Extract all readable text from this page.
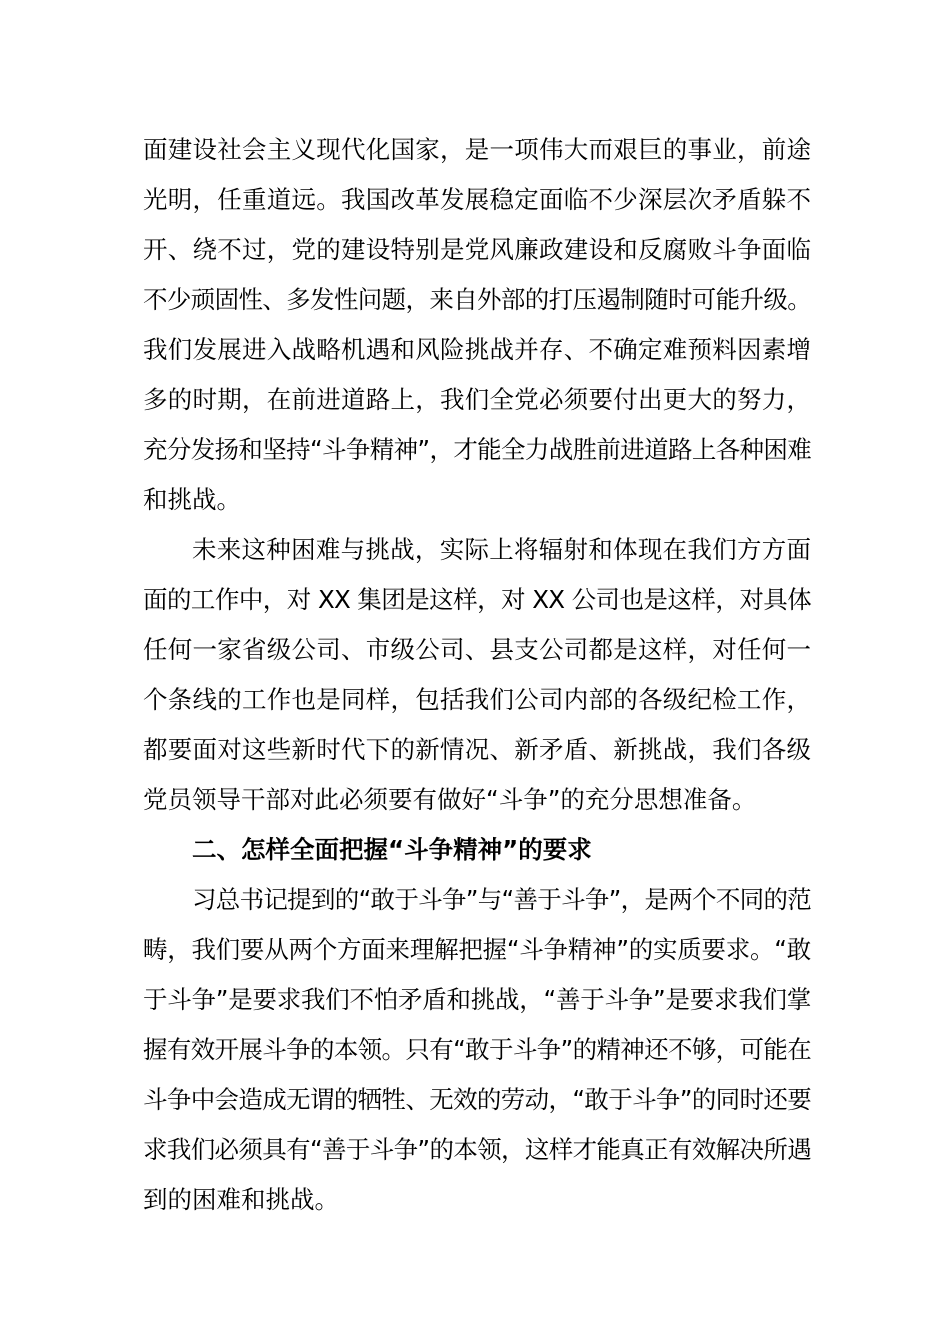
面建设社会主义现代化国家，是一项伟大而艰巨的事业，前途
光明，任重道远。我国改革发展稳定面临不少深层次矛盾躲不
开、绕不过，党的建设特别是党风廉政建设和反腐败斗争面临
不少顽固性、多发性问题，来自外部的打压遏制随时可能升级。
我们发展进入战略机遇和风险挑战并存、不确定难预料因素增
多的时期，在前进道路上，我们全党必须要付出更大的努力，
充分发扬和坚持“斗争精神”，才能全力战胜前进道路上各种困难
和挑战。
未来这种困难与挑战，实际上将辐射和体现在我们方方面
面的工作中，对 XX 集团是这样，对 XX 公司也是这样，对具体
任何一家省级公司、市级公司、县支公司都是这样，对任何一
个条线的工作也是同样，包括我们公司内部的各级纪检工作，
都要面对这些新时代下的新情况、新矛盾、新挑战，我们各级
党员领导干部对此必须要有做好“斗争”的充分思想准备。
二、怎样全面把握“斗争精神”的要求
习总书记提到的“敢于斗争”与“善于斗争”，是两个不同的范
畴，我们要从两个方面来理解把握“斗争精神”的实质要求。“敢
于斗争”是要求我们不怕矛盾和挑战，“善于斗争”是要求我们掌
握有效开展斗争的本领。只有“敢于斗争”的精神还不够，可能在
斗争中会造成无谓的牺牲、无效的劳动，“敢于斗争”的同时还要
求我们必须具有“善于斗争”的本领，这样才能真正有效解决所遇
到的困难和挑战。
